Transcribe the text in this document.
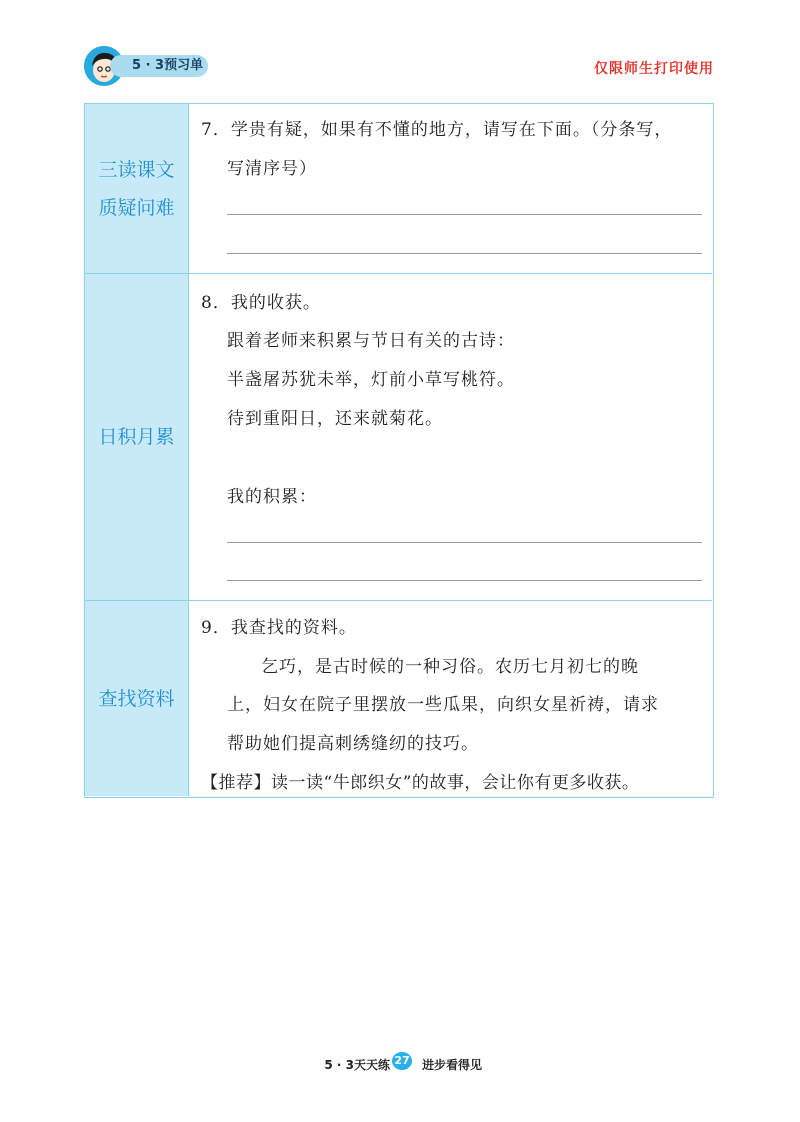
5 · 3预习单	仅限师生打印使用
三读课文
质疑问难
7．学贵有疑，如果有不懂的地方，请写在下面。（分条写，
写清序号）
日积月累
8．我的收获。
跟着老师来积累与节日有关的古诗：
半盏屠苏犹未举，灯前小草写桃符。
待到重阳日，还来就菊花。
我的积累：
查找资料
9．我查找的资料。
乞巧，是古时候的一种习俗。农历七月初七的晚
上，妇女在院子里摆放一些瓜果，向织女星祈祷，请求
帮助她们提高刺绣缝纫的技巧。
【推荐】读一读“牛郎织女”的故事，会让你有更多收获。
5 · 3天天练 27 进步看得见
